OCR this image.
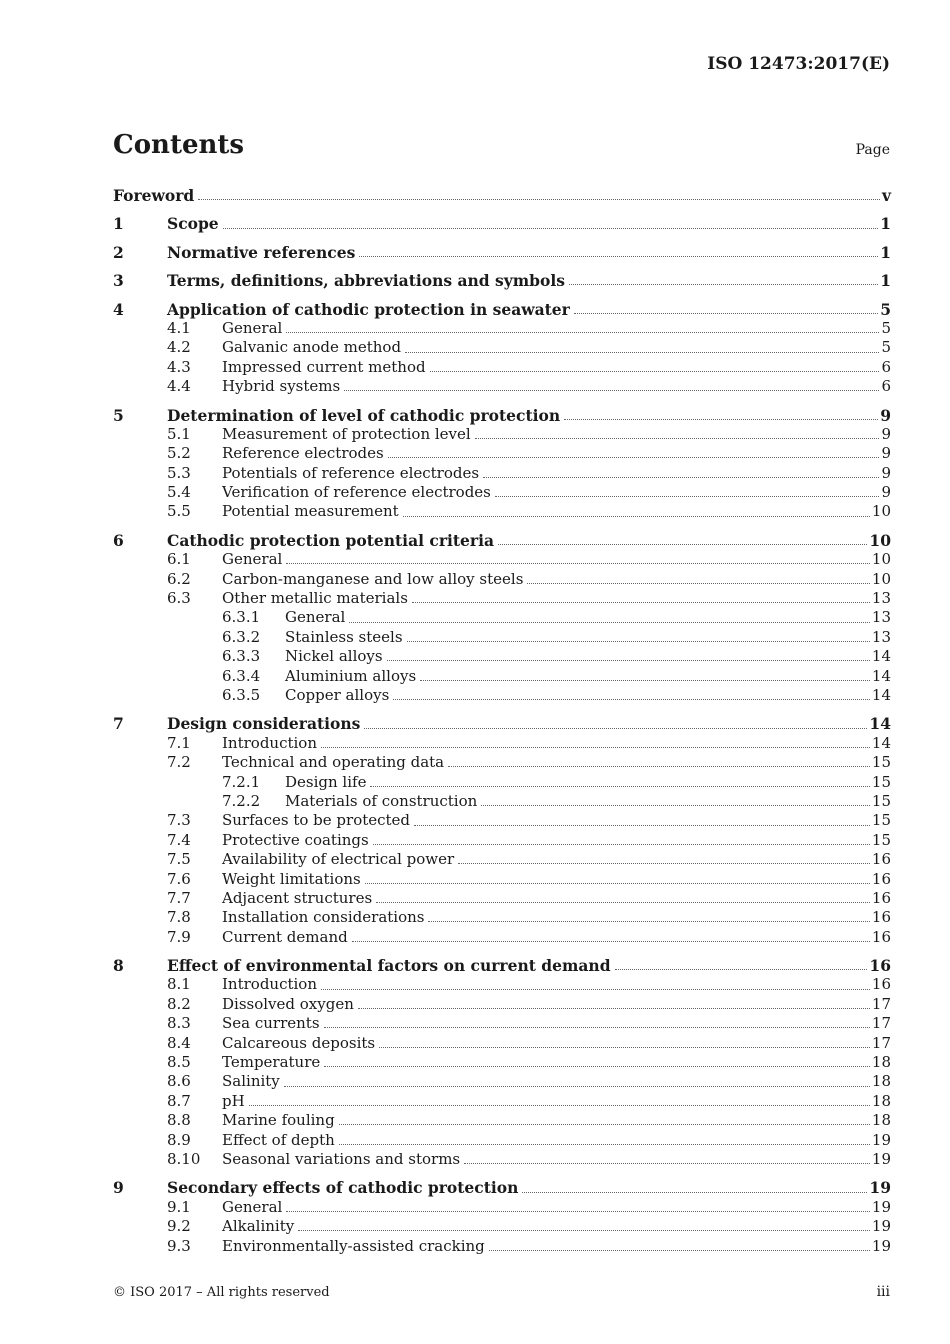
ISO 12473:2017(E)
Contents	Page
Foreword	v
1	Scope	1
2	Normative references	1
3	Terms, definitions, abbreviations and symbols	1
4	Application of cathodic protection in seawater	5
4.1	General	5
4.2	Galvanic anode method	5
4.3	Impressed current method	6
4.4	Hybrid systems	6
5	Determination of level of cathodic protection	9
5.1	Measurement of protection level	9
5.2	Reference electrodes	9
5.3	Potentials of reference electrodes	9
5.4	Verification of reference electrodes	9
5.5	Potential measurement	10
6	Cathodic protection potential criteria	10
6.1	General	10
6.2	Carbon-manganese and low alloy steels	10
6.3	Other metallic materials	13
6.3.1	General	13
6.3.2	Stainless steels	13
6.3.3	Nickel alloys	14
6.3.4	Aluminium alloys	14
6.3.5	Copper alloys	14
7	Design considerations	14
7.1	Introduction	14
7.2	Technical and operating data	15
7.2.1	Design life	15
7.2.2	Materials of construction	15
7.3	Surfaces to be protected	15
7.4	Protective coatings	15
7.5	Availability of electrical power	16
7.6	Weight limitations	16
7.7	Adjacent structures	16
7.8	Installation considerations	16
7.9	Current demand	16
8	Effect of environmental factors on current demand	16
8.1	Introduction	16
8.2	Dissolved oxygen	17
8.3	Sea currents	17
8.4	Calcareous deposits	17
8.5	Temperature	18
8.6	Salinity	18
8.7	pH	18
8.8	Marine fouling	18
8.9	Effect of depth	19
8.10	Seasonal variations and storms	19
9	Secondary effects of cathodic protection	19
9.1	General	19
9.2	Alkalinity	19
9.3	Environmentally-assisted cracking	19
© ISO 2017 – All rights reserved	iii
